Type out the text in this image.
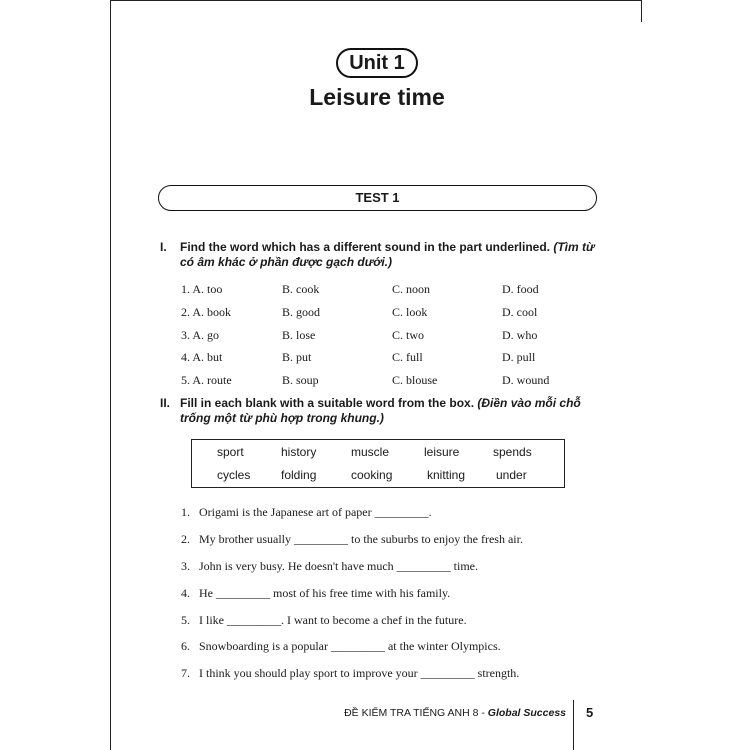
Unit 1
Leisure time
TEST 1
I. Find the word which has a different sound in the part underlined. (Tìm từ có âm khác ở phần được gạch dưới.)
1. A. too	B. cook	C. noon	D. food
2. A. book	B. good	C. look	D. cool
3. A. go	B. lose	C. two	D. who
4. A. but	B. put	C. full	D. pull
5. A. route	B. soup	C. blouse	D. wound
II. Fill in each blank with a suitable word from the box. (Điền vào mỗi chỗ trống một từ phù hợp trong khung.)
sport	history	muscle	leisure	spends
cycles	folding	cooking	knitting	under
1. Origami is the Japanese art of paper _________.
2. My brother usually _________ to the suburbs to enjoy the fresh air.
3. John is very busy. He doesn't have much _________ time.
4. He _________ most of his free time with his family.
5. I like _________. I want to become a chef in the future.
6. Snowboarding is a popular _________ at the winter Olympics.
7. I think you should play sport to improve your _________ strength.
ĐỀ KIỂM TRA TIẾNG ANH 8 - Global Success 5
